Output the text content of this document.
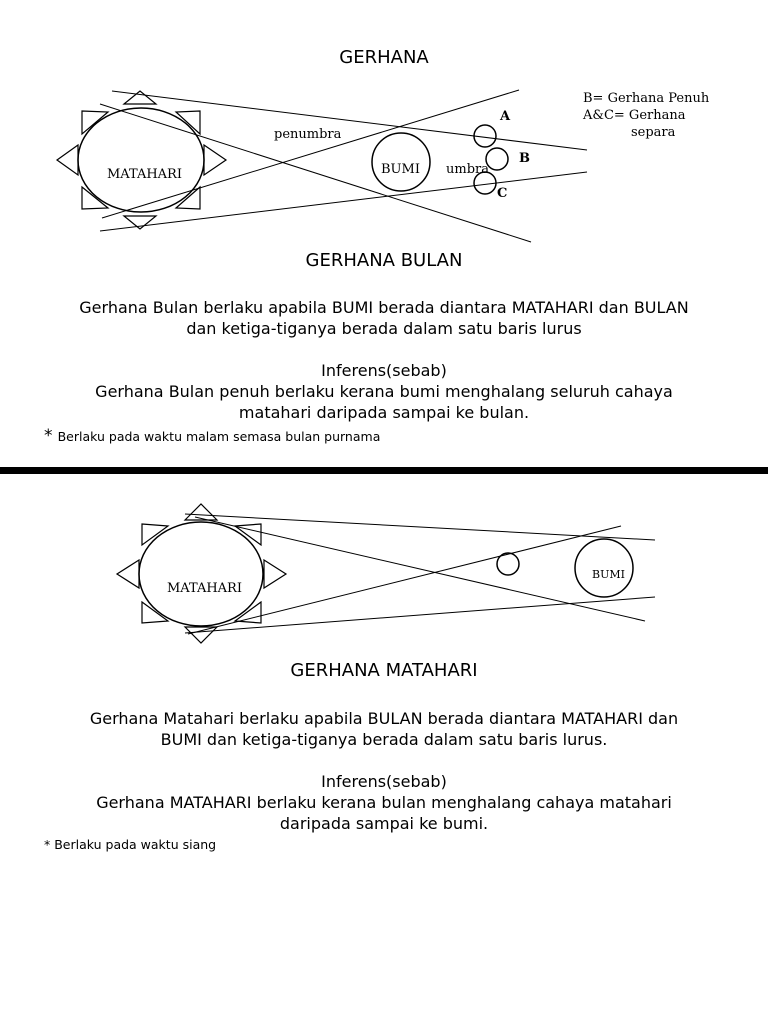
GERHANA
B= Gerhana Penuh
A&C= Gerhana
separa
MATAHARI	BUMI
penumbra
umbra
A
B
C
GERHANA BULAN
Gerhana Bulan berlaku apabila BUMI berada diantara MATAHARI dan BULAN
dan ketiga-tiganya berada dalam satu baris lurus
Inferens(sebab)
Gerhana Bulan penuh berlaku kerana bumi menghalang seluruh cahaya
matahari daripada sampai ke bulan.
* Berlaku pada waktu malam semasa bulan purnama
MATAHARI
BUMI
GERHANA MATAHARI
Gerhana Matahari berlaku apabila BULAN berada diantara MATAHARI dan
BUMI dan ketiga-tiganya berada dalam satu baris lurus.
Inferens(sebab)
Gerhana MATAHARI berlaku kerana bulan menghalang cahaya matahari
daripada sampai ke bumi.
* Berlaku pada waktu siang
